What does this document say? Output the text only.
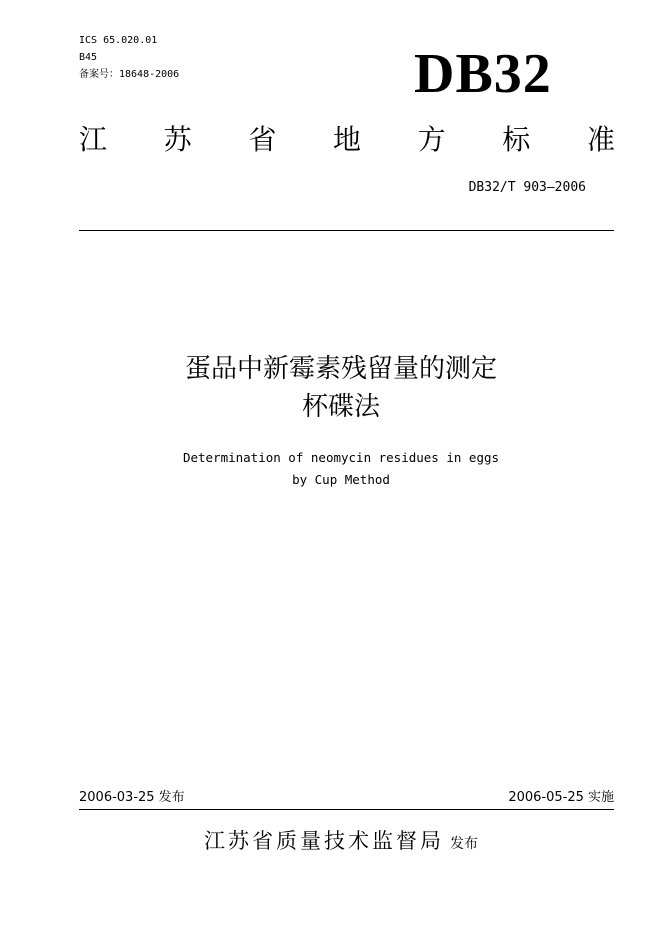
ICS 65.020.01
B45
备案号：18648-2006	DB32
江 苏 省 地 方 标 准
DB32/T 903—2006
蛋品中新霉素残留量的测定
杯碟法
Determination of neomycin residues in eggs
by Cup Method
2006-03-25 发布	2006-05-25 实施
江苏省质量技术监督局 发布
